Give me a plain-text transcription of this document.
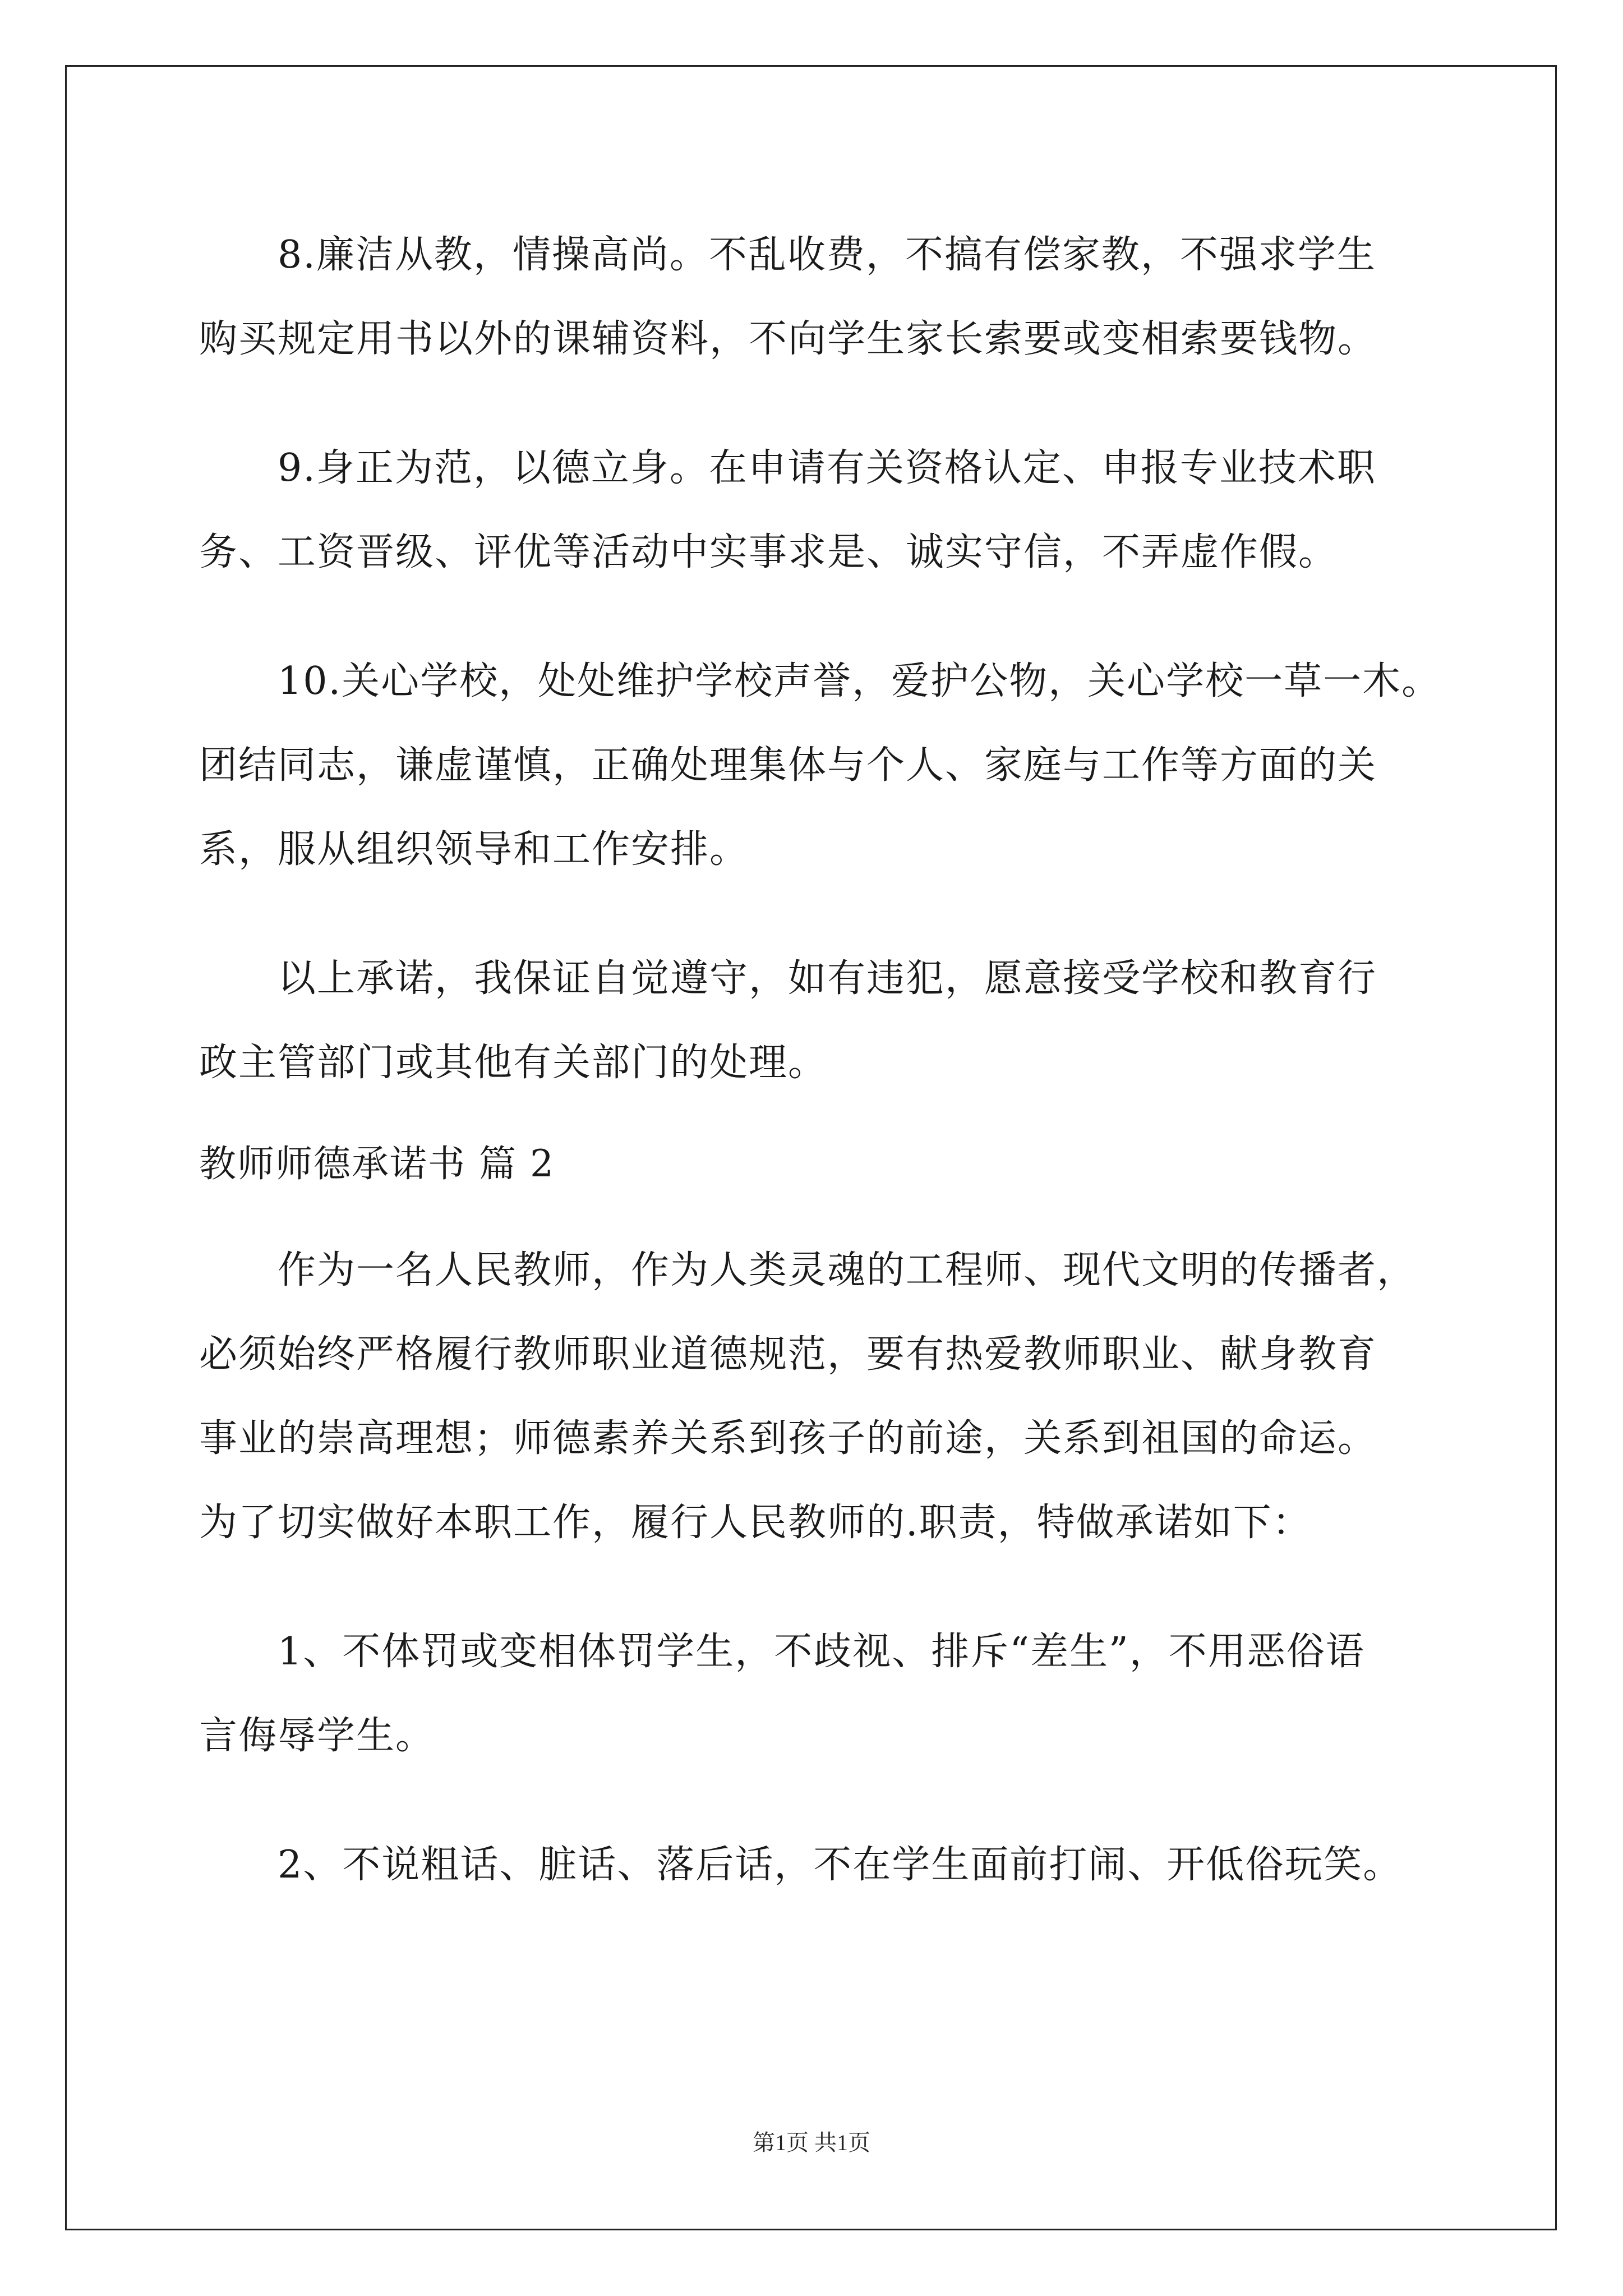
8.廉洁从教，情操高尚。不乱收费，不搞有偿家教，不强求学生
购买规定用书以外的课辅资料，不向学生家长索要或变相索要钱物。
9.身正为范，以德立身。在申请有关资格认定、申报专业技术职
务、工资晋级、评优等活动中实事求是、诚实守信，不弄虚作假。
10.关心学校，处处维护学校声誉，爱护公物，关心学校一草一木。
团结同志，谦虚谨慎，正确处理集体与个人、家庭与工作等方面的关
系，服从组织领导和工作安排。
以上承诺，我保证自觉遵守，如有违犯，愿意接受学校和教育行
政主管部门或其他有关部门的处理。
教师师德承诺书 篇 2
作为一名人民教师，作为人类灵魂的工程师、现代文明的传播者，
必须始终严格履行教师职业道德规范，要有热爱教师职业、献身教育
事业的崇高理想；师德素养关系到孩子的前途，关系到祖国的命运。
为了切实做好本职工作，履行人民教师的.职责，特做承诺如下：
1、不体罚或变相体罚学生，不歧视、排斥“差生”，不用恶俗语
言侮辱学生。
2、不说粗话、脏话、落后话，不在学生面前打闹、开低俗玩笑。
第1页 共1页
